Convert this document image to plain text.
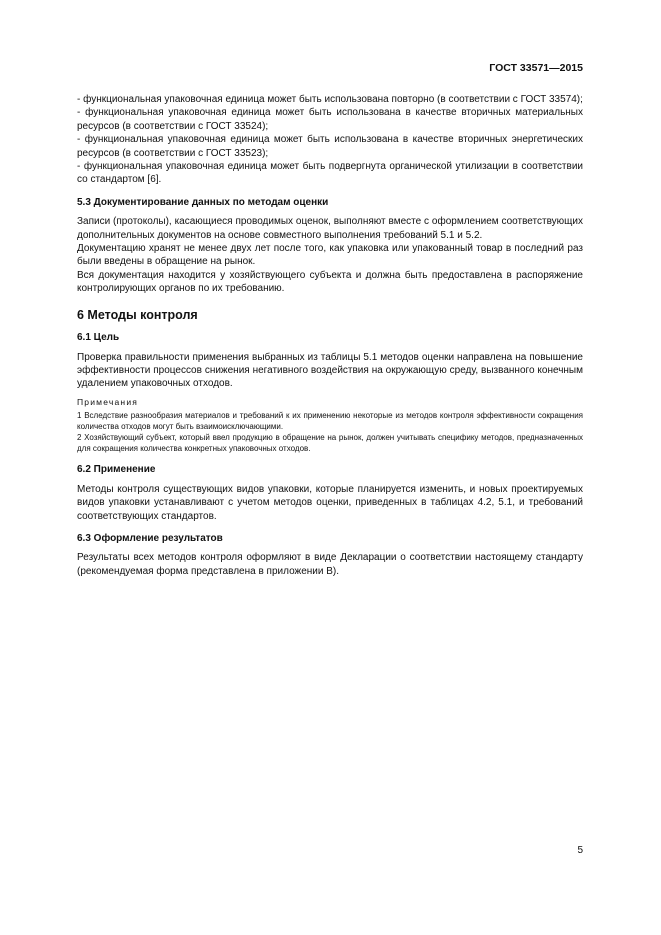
ГОСТ 33571—2015

- функциональная упаковочная единица может быть использована повторно (в соответствии с ГОСТ 33574);

- функциональная упаковочная единица может быть использована в качестве вторичных материальных ресурсов (в соответствии с ГОСТ 33524);

- функциональная упаковочная единица может быть использована в качестве вторичных энергетических ресурсов (в соответствии с ГОСТ 33523);

- функциональная упаковочная единица может быть подвергнута органической утилизации в соответствии со стандартом [6].

5.3 Документирование данных по методам оценки

Записи (протоколы), касающиеся проводимых оценок, выполняют вместе с оформлением соответствующих дополнительных документов на основе совместного выполнения требований 5.1 и 5.2.

Документацию хранят не менее двух лет после того, как упаковка или упакованный товар в последний раз были введены в обращение на рынок.

Вся документация находится у хозяйствующего субъекта и должна быть предоставлена в распоряжение контролирующих органов по их требованию.

6 Методы контроля
6.1 Цель

Проверка правильности применения выбранных из таблицы 5.1 методов оценки направлена на повышение эффективности процессов снижения негативного воздействия на окружающую среду, вызванного конечным удалением упаковочных отходов.

Примечания

1 Вследствие разнообразия материалов и требований к их применению некоторые из методов контроля эффективности сокращения количества отходов могут быть взаимоисключающими.

2 Хозяйствующий субъект, который ввел продукцию в обращение на рынок, должен учитывать специфику методов, предназначенных для сокращения количества конкретных упаковочных отходов.

6.2 Применение

Методы контроля существующих видов упаковки, которые планируется изменить, и новых проектируемых видов упаковки устанавливают с учетом методов оценки, приведенных в таблицах 4.2, 5.1, и требований соответствующих стандартов.

6.3 Оформление результатов

Результаты всех методов контроля оформляют в виде Декларации о соответствии настоящему стандарту (рекомендуемая форма представлена в приложении В).

5
